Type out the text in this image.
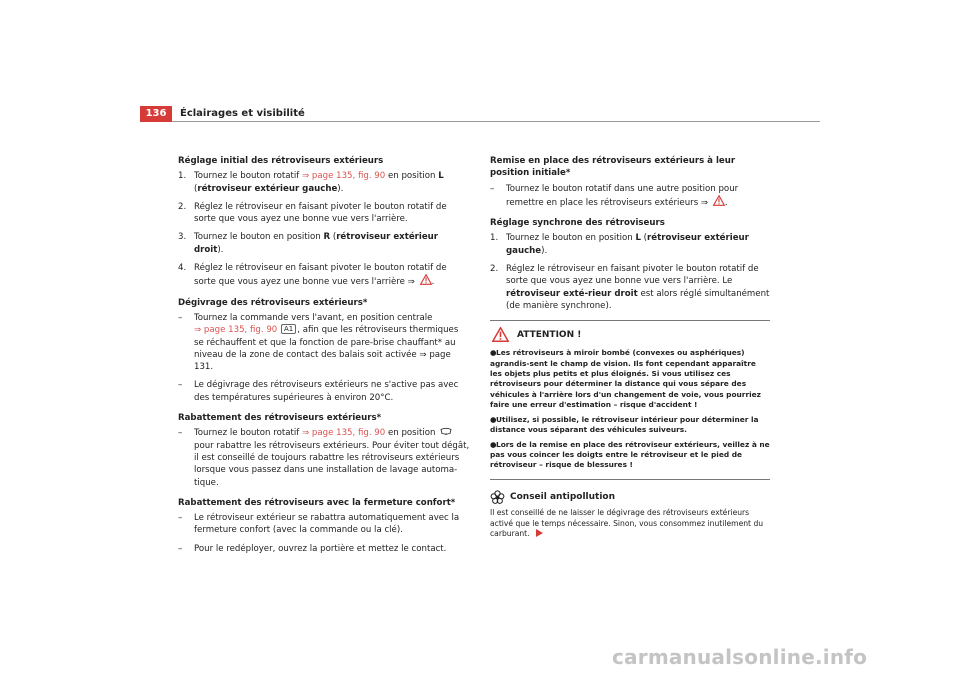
136	Éclairages et visibilité
Réglage initial des rétroviseurs extérieurs
1. Tournez le bouton rotatif ⇒ page 135, fig. 90 en position L
(rétroviseur extérieur gauche).
2. Réglez le rétroviseur en faisant pivoter le bouton rotatif de sorte que vous ayez une bonne vue vers l'arrière.
3. Tournez le bouton en position R (rétroviseur extérieur droit).
4. Réglez le rétroviseur en faisant pivoter le bouton rotatif de sorte que vous ayez une bonne vue vers l'arrière ⇒
.
Dégivrage des rétroviseurs extérieurs*
– Tournez la commande vers l'avant, en position centrale
⇒ page 135, fig. 90 A1 , afin que les rétroviseurs thermiques se réchauffent et que la fonction de pare-brise chauffant* au niveau de la zone de contact des balais soit activée ⇒ page 131.
– Le dégivrage des rétroviseurs extérieurs ne s'active pas avec des températures supérieures à environ 20°C.
Rabattement des rétroviseurs extérieurs*
– Tournez le bouton rotatif ⇒ page 135, fig. 90 en position  pour rabattre les rétroviseurs extérieurs. Pour éviter tout dégât, il est conseillé de toujours rabattre les rétroviseurs extérieurs lorsque vous passez dans une installation de lavage automa-tique.
Rabattement des rétroviseurs avec la fermeture confort*
– Le rétroviseur extérieur se rabattra automatiquement avec la fermeture confort (avec la commande ou la clé).
– Pour le redéployer, ouvrez la portière et mettez le contact.
Remise en place des rétroviseurs extérieurs à leur position initiale*
– Tournez le bouton rotatif dans une autre position pour remettre en place les rétroviseurs extérieurs ⇒
.
Réglage synchrone des rétroviseurs
1. Tournez le bouton en position L (rétroviseur extérieur gauche).
2. Réglez le rétroviseur en faisant pivoter le bouton rotatif de sorte que vous ayez une bonne vue vers l'arrière. Le rétroviseur exté-rieur droit est alors réglé simultanément (de manière synchrone).
ATTENTION !
● Les rétroviseurs à miroir bombé (convexes ou asphériques) agrandis-sent le champ de vision. Ils font cependant apparaître les objets plus petits et plus éloignés. Si vous utilisez ces rétroviseurs pour déterminer la distance qui vous sépare des véhicules à l'arrière lors d'un changement de voie, vous pourriez faire une erreur d'estimation – risque d'accident !
● Utilisez, si possible, le rétroviseur intérieur pour déterminer la distance vous séparant des véhicules suiveurs.
● Lors de la remise en place des rétroviseur extérieurs, veillez à ne pas vous coincer les doigts entre le rétroviseur et le pied de rétroviseur – risque de blessures !
Conseil antipollution
Il est conseillé de ne laisser le dégivrage des rétroviseurs extérieurs activé que le temps nécessaire. Sinon, vous consommez inutilement du carburant.
carmanualsonline.info
